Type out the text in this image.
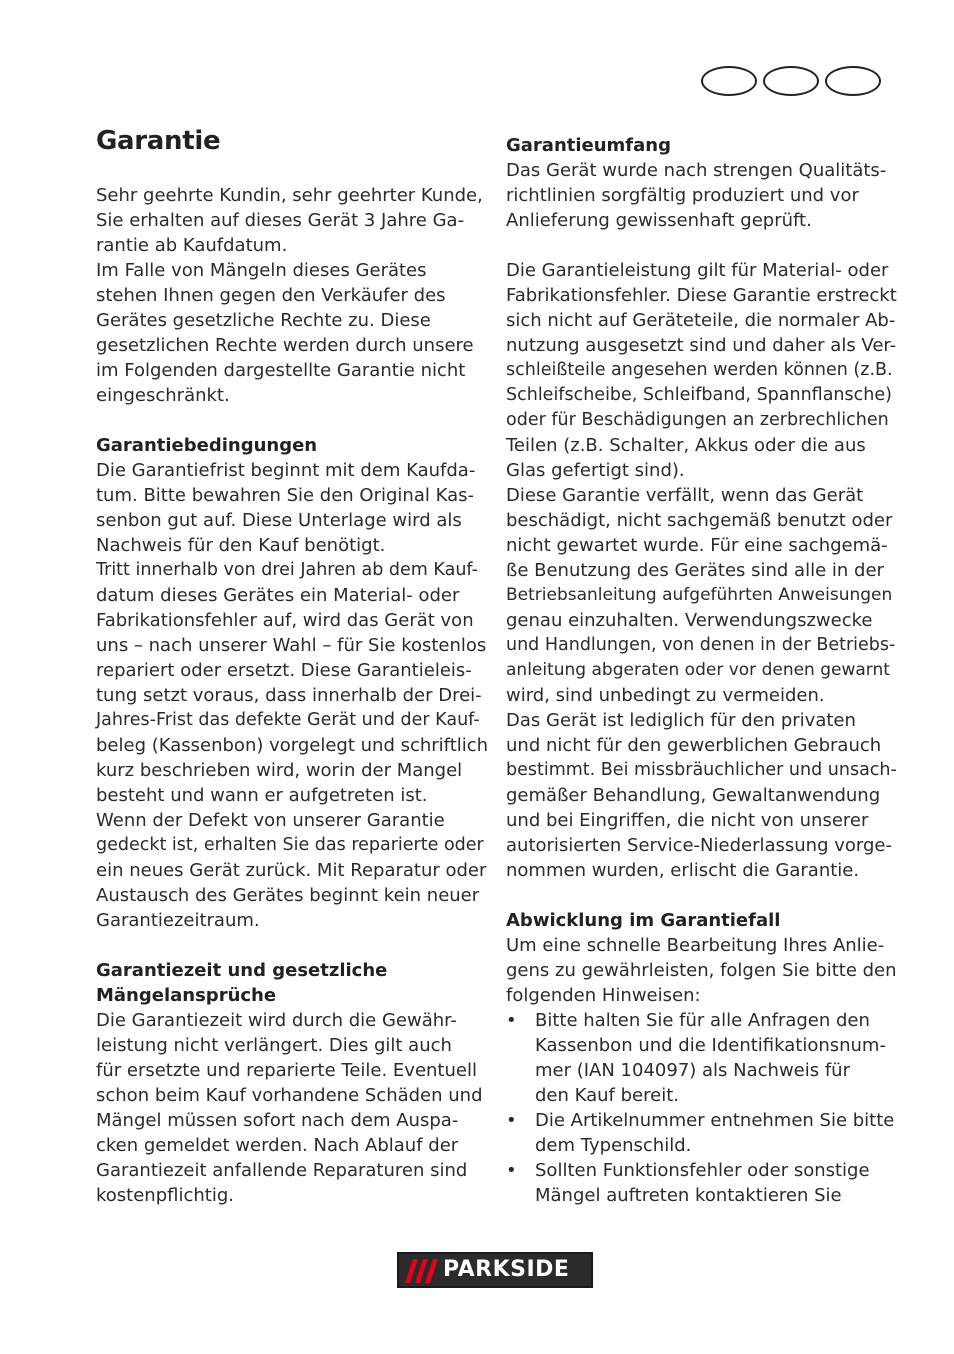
Garantie
Sehr geehrte Kundin, sehr geehrter Kunde,
Sie erhalten auf dieses Gerät 3 Jahre Ga-
rantie ab Kaufdatum.
Im Falle von Mängeln dieses Gerätes
stehen Ihnen gegen den Verkäufer des
Gerätes gesetzliche Rechte zu. Diese
gesetzlichen Rechte werden durch unsere
im Folgenden dargestellte Garantie nicht
eingeschränkt.
Garantiebedingungen
Die Garantiefrist beginnt mit dem Kaufda-
tum. Bitte bewahren Sie den Original Kas-
senbon gut auf. Diese Unterlage wird als
Nachweis für den Kauf benötigt.
Tritt innerhalb von drei Jahren ab dem Kauf-
datum dieses Gerätes ein Material- oder
Fabrikationsfehler auf, wird das Gerät von
uns – nach unserer Wahl – für Sie kostenlos
repariert oder ersetzt. Diese Garantieleis-
tung setzt voraus, dass innerhalb der Drei-
Jahres-Frist das defekte Gerät und der Kauf-
beleg (Kassenbon) vorgelegt und schriftlich
kurz beschrieben wird, worin der Mangel
besteht und wann er aufgetreten ist.
Wenn der Defekt von unserer Garantie
gedeckt ist, erhalten Sie das reparierte oder
ein neues Gerät zurück. Mit Reparatur oder
Austausch des Gerätes beginnt kein neuer
Garantiezeitraum.
Garantiezeit und gesetzliche
Mängelansprüche
Die Garantiezeit wird durch die Gewähr-
leistung nicht verlängert. Dies gilt auch
für ersetzte und reparierte Teile. Eventuell
schon beim Kauf vorhandene Schäden und
Mängel müssen sofort nach dem Auspa-
cken gemeldet werden. Nach Ablauf der
Garantiezeit anfallende Reparaturen sind
kostenpflichtig.
Garantieumfang
Das Gerät wurde nach strengen Qualitäts-
richtlinien sorgfältig produziert und vor
Anlieferung gewissenhaft geprüft.
Die Garantieleistung gilt für Material- oder
Fabrikationsfehler. Diese Garantie erstreckt
sich nicht auf Geräteteile, die normaler Ab-
nutzung ausgesetzt sind und daher als Ver-
schleißteile angesehen werden können (z.B.
Schleifscheibe, Schleifband, Spannflansche)
oder für Beschädigungen an zerbrechlichen
Teilen (z.B. Schalter, Akkus oder die aus
Glas gefertigt sind).
Diese Garantie verfällt, wenn das Gerät
beschädigt, nicht sachgemäß benutzt oder
nicht gewartet wurde. Für eine sachgemä-
ße Benutzung des Gerätes sind alle in der
Betriebsanleitung aufgeführten Anweisungen
genau einzuhalten. Verwendungszwecke
und Handlungen, von denen in der Betriebs-
anleitung abgeraten oder vor denen gewarnt
wird, sind unbedingt zu vermeiden.
Das Gerät ist lediglich für den privaten
und nicht für den gewerblichen Gebrauch
bestimmt. Bei missbräuchlicher und unsach-
gemäßer Behandlung, Gewaltanwendung
und bei Eingriffen, die nicht von unserer
autorisierten Service-Niederlassung vorge-
nommen wurden, erlischt die Garantie.
Abwicklung im Garantiefall
Um eine schnelle Bearbeitung Ihres Anlie-
gens zu gewährleisten, folgen Sie bitte den
folgenden Hinweisen:
• Bitte halten Sie für alle Anfragen den
Kassenbon und die Identifikationsnum-
mer (IAN 104097) als Nachweis für
den Kauf bereit.
• Die Artikelnummer entnehmen Sie bitte
dem Typenschild.
• Sollten Funktionsfehler oder sonstige
Mängel auftreten kontaktieren Sie
PARKSIDE
